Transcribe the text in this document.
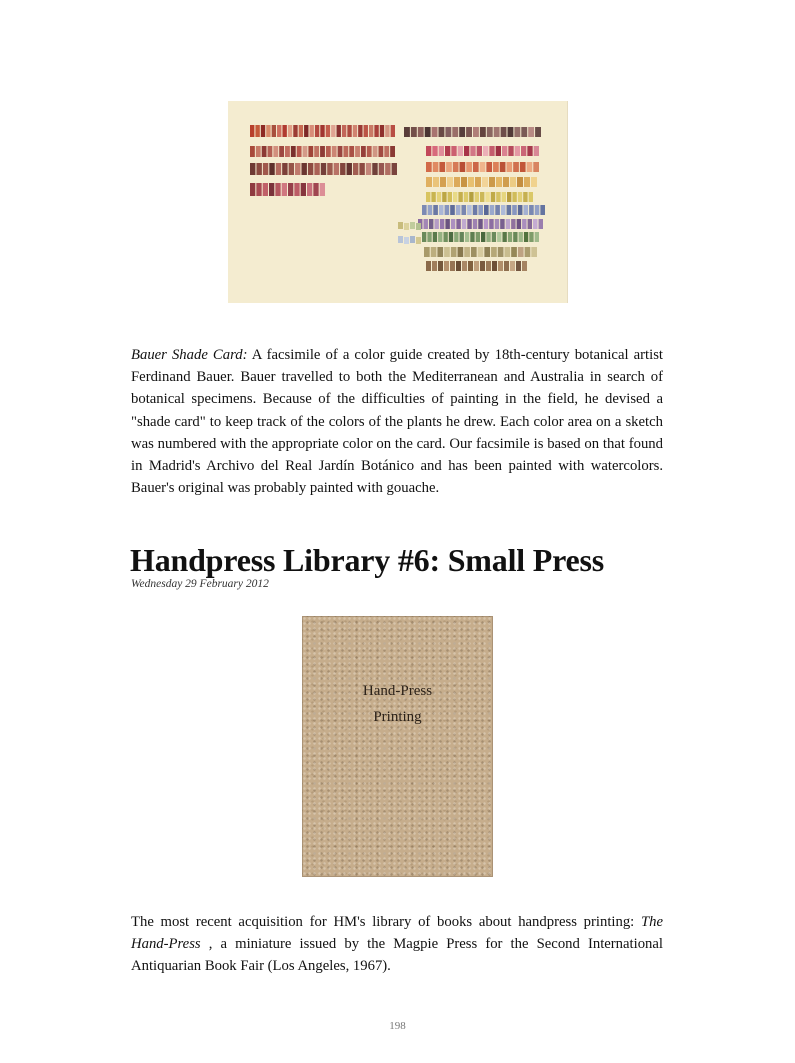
Bauer Shade Card: A facsimile of a color guide created by 18th-century botanical artist Ferdinand Bauer. Bauer travelled to both the Mediterranean and Australia in search of botanical specimens. Because of the difficulties of painting in the field, he devised a "shade card" to keep track of the colors of the plants he drew. Each color area on a sketch was numbered with the appropriate color on the card. Our facsimile is based on that found in Madrid's Archivo del Real Jardín Botánico and has been painted with watercolors. Bauer's original was probably painted with gouache.

Handpress Library #6: Small Press
Wednesday 29 February 2012
Hand-Press
Printing

The most recent acquisition for HM's library of books about handpress printing: The Hand-Press , a miniature issued by the Magpie Press for the Second International Antiquarian Book Fair (Los Angeles, 1967).

198
